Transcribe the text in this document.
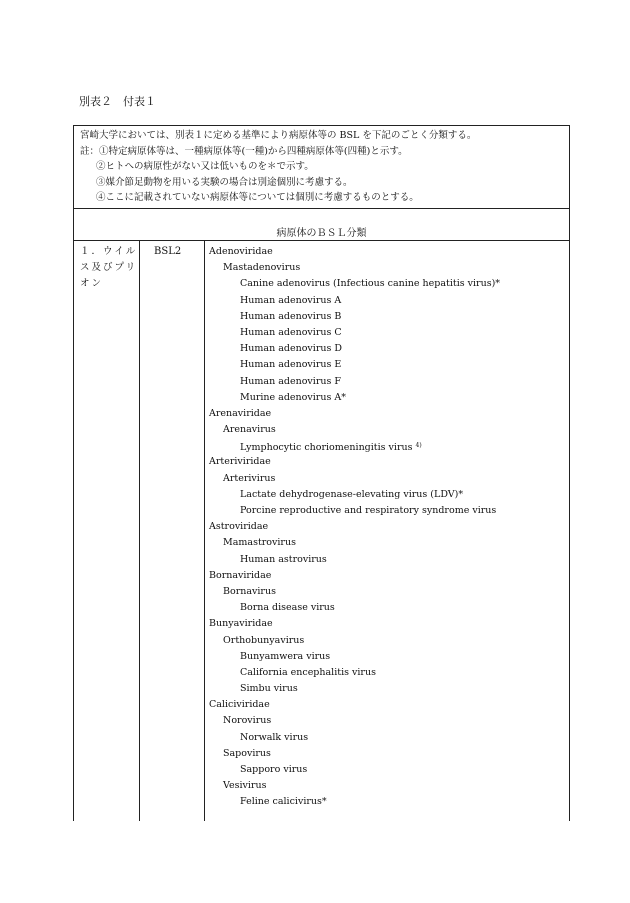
別表２　付表１
宮崎大学においては、別表１に定める基準により病原体等の BSL を下記のごとく分類する。
註：①特定病原体等は、一種病原体等(一種)から四種病原体等(四種)と示す。
②ヒトへの病原性がない又は低いものを＊で示す。
③媒介節足動物を用いる実験の場合は別途個別に考慮する。
④ここに記載されていない病原体等については個別に考慮するものとする。
病原体のＢＳＬ分類
１．ウイルス及びプリオン
BSL2	Adenoviridae
Mastadenovirus
Canine adenovirus (Infectious canine hepatitis virus)*
Human adenovirus A
Human adenovirus B
Human adenovirus C
Human adenovirus D
Human adenovirus E
Human adenovirus F
Murine adenovirus A*
Arenaviridae
Arenavirus
Lymphocytic choriomeningitis virus $^{4)}$
Arteriviridae
Arterivirus
Lactate dehydrogenase-elevating virus (LDV)*
Porcine reproductive and respiratory syndrome virus
Astroviridae
Mamastrovirus
Human astrovirus
Bornaviridae
Bornavirus
Borna disease virus
Bunyaviridae
Orthobunyavirus
Bunyamwera virus
California encephalitis virus
Simbu virus
Caliciviridae
Norovirus
Norwalk virus
Sapovirus
Sapporo virus
Vesivirus
Feline calicivirus*
